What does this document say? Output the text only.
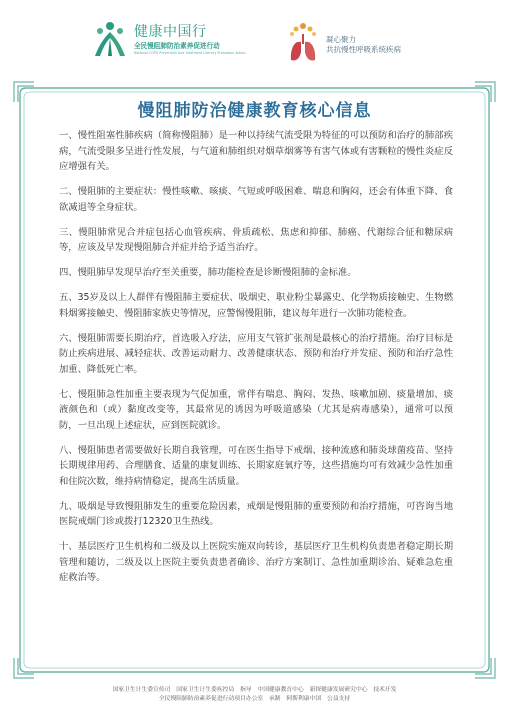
健康中国行
全民慢阻肺防治素养促进行动
National COPD Prevention And Treatment Literacy Promotion Action
凝心聚力
共抗慢性呼吸系统疾病
慢阻肺防治健康教育核心信息

一、慢性阻塞性肺疾病（简称慢阻肺）是一种以持续气流受限为特征的可以预防和治疗的肺部疾病，气流受限多呈进行性发展，与气道和肺组织对烟草烟雾等有害气体或有害颗粒的慢性炎症反应增强有关。

二、慢阻肺的主要症状：慢性咳嗽、咳痰、气短或呼吸困难、喘息和胸闷，还会有体重下降、食欲减退等全身症状。

三、慢阻肺常见合并症包括心血管疾病、骨质疏松、焦虑和抑郁、肺癌、代谢综合征和糖尿病等，应该及早发现慢阻肺合并症并给予适当治疗。

四、慢阻肺早发现早治疗至关重要，肺功能检查是诊断慢阻肺的金标准。

五、35岁及以上人群伴有慢阻肺主要症状、吸烟史、职业粉尘暴露史、化学物质接触史、生物燃料烟雾接触史、慢阻肺家族史等情况，应警惕慢阻肺，建议每年进行一次肺功能检查。

六、慢阻肺需要长期治疗，首选吸入疗法，应用支气管扩张剂是最核心的治疗措施。治疗目标是防止疾病进展、减轻症状、改善运动耐力、改善健康状态、预防和治疗并发症、预防和治疗急性加重、降低死亡率。

七、慢阻肺急性加重主要表现为气促加重，常伴有喘息、胸闷、发热、咳嗽加剧、痰量增加、痰液颜色和（或）黏度改变等，其最常见的诱因为呼吸道感染（尤其是病毒感染），通常可以预防，一旦出现上述症状，应到医院就诊。

八、慢阻肺患者需要做好长期自我管理，可在医生指导下戒烟、接种流感和肺炎球菌疫苗、坚持长期规律用药、合理膳食、适量的康复训练、长期家庭氧疗等，这些措施均可有效减少急性加重和住院次数，维持病情稳定，提高生活质量。

九、吸烟是导致慢阻肺发生的重要危险因素，戒烟是慢阻肺的重要预防和治疗措施，可咨询当地医院戒烟门诊或拨打12320卫生热线。

十、基层医疗卫生机构和二级及以上医院实施双向转诊，基层医疗卫生机构负责患者稳定期长期管理和随访，二级及以上医院主要负责患者确诊、治疗方案制订、急性加重期诊治、疑难急危重症救治等。

国家卫生计生委宣传司　国家卫生计生委疾控局　指导　中国健康教育中心　新探健康发展研究中心　技术开发
全民慢阻肺防治素养促进行动项目办公室　承制　阿斯利康中国　公益支持
